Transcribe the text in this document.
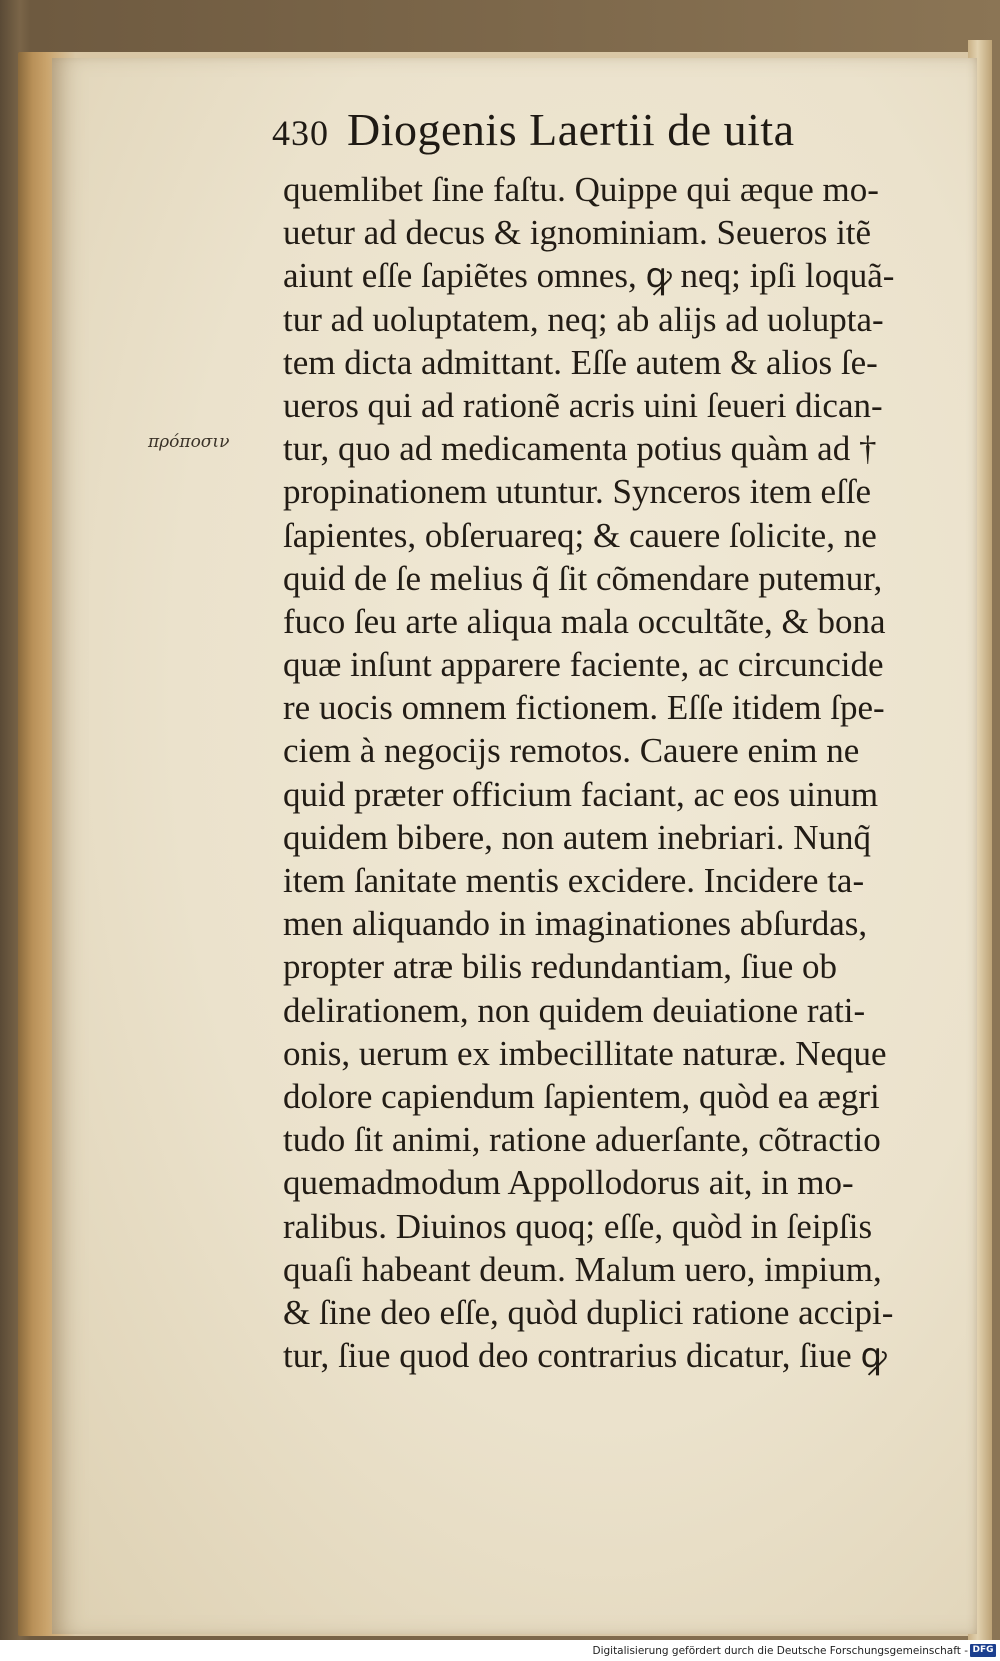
430 Diogenis Laertii de uita
πρόποσιν
quemlibet ſine faſtu. Quippe qui æque mo-
uetur ad decus & ignominiam. Seueros itẽ
aiunt eſſe ſapiẽtes omnes, ꝙ neq; ipſi loquã-
tur ad uoluptatem, neq; ab alijs ad uolupta-
tem dicta admittant. Eſſe autem & alios ſe-
ueros qui ad rationẽ acris uini ſeueri dican-
tur, quo ad medicamenta potius quàm ad †
propinationem utuntur. Synceros item eſſe
ſapientes, obſeruareq; & cauere ſolicite, ne
quid de ſe melius q̃ ſit cõmendare putemur,
fuco ſeu arte aliqua mala occultãte, & bona
quæ inſunt apparere faciente, ac circuncide
re uocis omnem fictionem. Eſſe itidem ſpe-
ciem à negocijs remotos. Cauere enim ne
quid præter officium faciant, ac eos uinum
quidem bibere, non autem inebriari. Nunq̃
item ſanitate mentis excidere. Incidere ta-
men aliquando in imaginationes abſurdas,
propter atræ bilis redundantiam, ſiue ob
delirationem, non quidem deuiatione rati-
onis, uerum ex imbecillitate naturæ. Neque
dolore capiendum ſapientem, quòd ea ægri
tudo ſit animi, ratione aduerſante, cõtractio
quemadmodum Appollodorus ait, in mo-
ralibus. Diuinos quoq; eſſe, quòd in ſeipſis
quaſi habeant deum. Malum uero, impium,
& ſine deo eſſe, quòd duplici ratione accipi-
tur, ſiue quod deo contrarius dicatur, ſiue ꝙ
Digitalisierung gefördert durch die Deutsche Forschungsgemeinschaft - DFG
